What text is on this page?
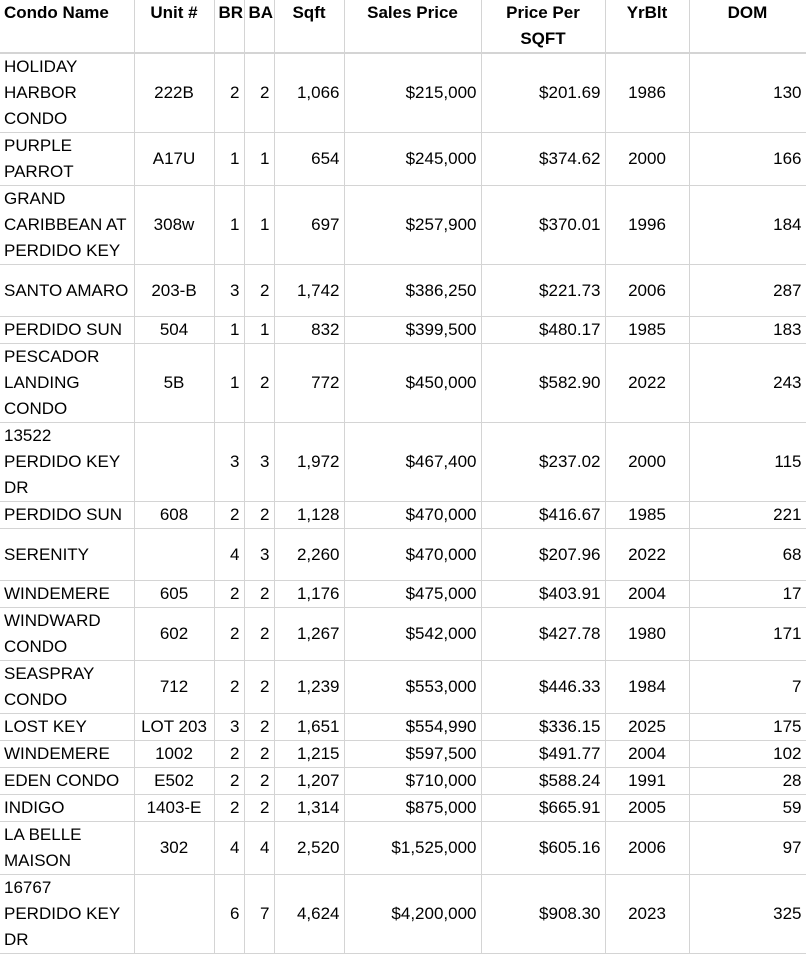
Condo Name	Unit #	BR	BA	Sqft	Sales Price	Price Per SQFT	YrBlt	DOM
HOLIDAY HARBOR CONDO	222B	2	2	1,066	$215,000	$201.69	1986	130
PURPLE PARROT	A17U	1	1	654	$245,000	$374.62	2000	166
GRAND CARIBBEAN AT PERDIDO KEY	308w	1	1	697	$257,900	$370.01	1996	184
SANTO AMARO	203-B	3	2	1,742	$386,250	$221.73	2006	287
PERDIDO SUN	504	1	1	832	$399,500	$480.17	1985	183
PESCADOR LANDING CONDO	5B	1	2	772	$450,000	$582.90	2022	243
13522 PERDIDO KEY DR		3	3	1,972	$467,400	$237.02	2000	115
PERDIDO SUN	608	2	2	1,128	$470,000	$416.67	1985	221
SERENITY		4	3	2,260	$470,000	$207.96	2022	68
WINDEMERE	605	2	2	1,176	$475,000	$403.91	2004	17
WINDWARD CONDO	602	2	2	1,267	$542,000	$427.78	1980	171
SEASPRAY CONDO	712	2	2	1,239	$553,000	$446.33	1984	7
LOST KEY	LOT 203	3	2	1,651	$554,990	$336.15	2025	175
WINDEMERE	1002	2	2	1,215	$597,500	$491.77	2004	102
EDEN CONDO	E502	2	2	1,207	$710,000	$588.24	1991	28
INDIGO	1403-E	2	2	1,314	$875,000	$665.91	2005	59
LA BELLE MAISON	302	4	4	2,520	$1,525,000	$605.16	2006	97
16767 PERDIDO KEY DR		6	7	4,624	$4,200,000	$908.30	2023	325
